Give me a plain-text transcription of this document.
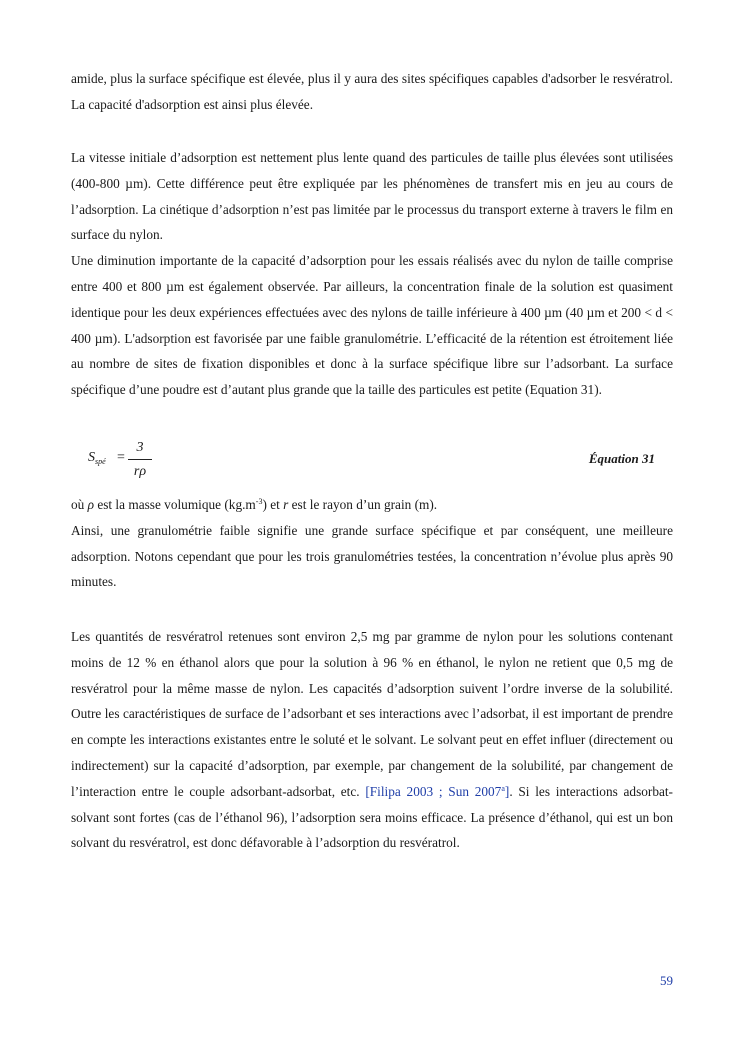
amide, plus la surface spécifique est élevée, plus il y aura des sites spécifiques capables d'adsorber le resvératrol. La capacité d'adsorption est ainsi plus élevée.

La vitesse initiale d’adsorption est nettement plus lente quand des particules de taille plus élevées sont utilisées (400-800 µm). Cette différence peut être expliquée par les phénomènes de transfert mis en jeu au cours de l’adsorption. La cinétique d’adsorption n’est pas limitée par le processus du transport externe à travers le film en surface du nylon.

Une diminution importante de la capacité d’adsorption pour les essais réalisés avec du nylon de taille comprise entre 400 et 800 µm est également observée. Par ailleurs, la concentration finale de la solution est quasiment identique pour les deux expériences effectuées avec des nylons de taille inférieure à 400 µm (40 µm et 200 < d < 400 µm). L'adsorption est favorisée par une faible granulométrie. L’efficacité de la rétention est étroitement liée au nombre de sites de fixation disponibles et donc à la surface spécifique libre sur l’adsorbant. La surface spécifique d’une poudre est d’autant plus grande que la taille des particules est petite (Equation 31).

$S_{spé}$ =
3
rρ
Équation 31

où ρ est la masse volumique $(kg.m^{-3})$ et r est le rayon d’un grain (m).

Ainsi, une granulométrie faible signifie une grande surface spécifique et par conséquent, une meilleure adsorption. Notons cependant que pour les trois granulométries testées, la concentration n’évolue plus après 90 minutes.

Les quantités de resvératrol retenues sont environ 2,5 mg par gramme de nylon pour les solutions contenant moins de 12 % en éthanol alors que pour la solution à 96 % en éthanol, le nylon ne retient que 0,5 mg de resvératrol pour la même masse de nylon. Les capacités d’adsorption suivent l’ordre inverse de la solubilité. Outre les caractéristiques de surface de l’adsorbant et ses interactions avec l’adsorbat, il est important de prendre en compte les interactions existantes entre le soluté et le solvant. Le solvant peut en effet influer (directement ou indirectement) sur la capacité d’adsorption, par exemple, par changement de la solubilité, par changement de l’interaction entre le couple adsorbant-adsorbat, etc. [Filipa 2003 ; Sun 2007$^a$]. Si les interactions adsorbat-solvant sont fortes (cas de l’éthanol 96), l’adsorption sera moins efficace. La présence d’éthanol, qui est un bon solvant du resvératrol, est donc défavorable à l’adsorption du resvératrol.

59
